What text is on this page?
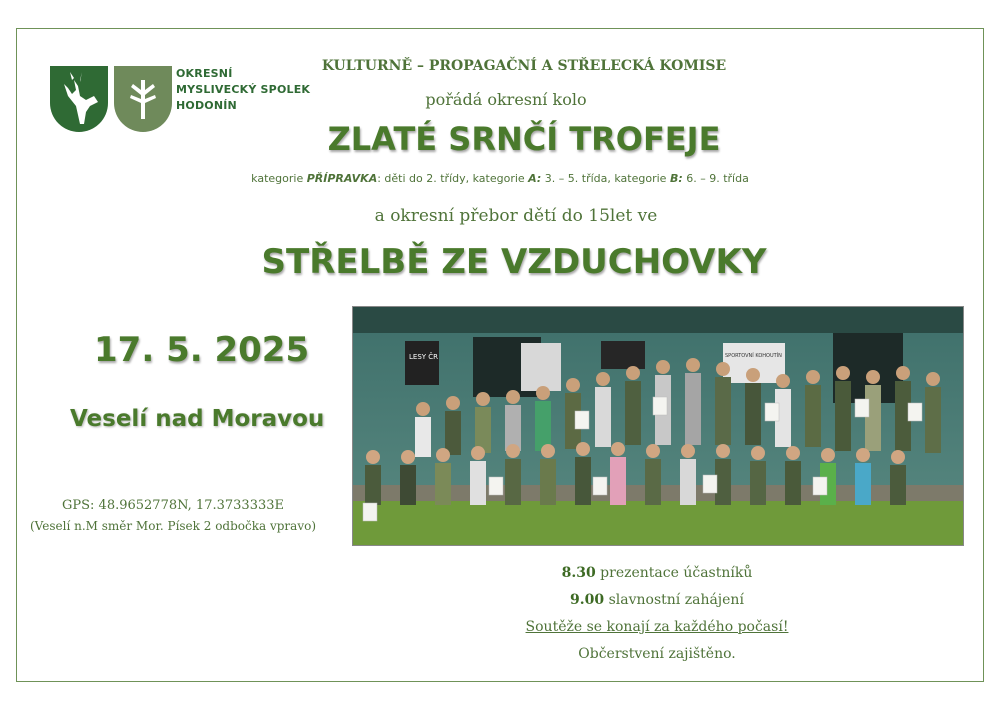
OKRESNÍ
MYSLIVECKÝ SPOLEK
HODONÍN
KULTURNĚ – PROPAGAČNÍ A STŘELECKÁ KOMISE
pořádá okresní kolo
ZLATÉ SRNČÍ TROFEJE
kategorie PŘÍPRAVKA: děti do 2. třídy, kategorie A: 3. – 5. třída, kategorie B: 6. – 9. třída
a okresní přebor dětí do 15let ve
STŘELBĚ ZE VZDUCHOVKY
17. 5. 2025
Veselí nad Moravou
GPS: 48.9652778N, 17.3733333E
(Veselí n.M směr Mor. Písek 2 odbočka vpravo)
LESY ČR	SPORTOVNÍ KOHOUTÍN
8.30 prezentace účastníků
9.00 slavnostní zahájení
Soutěže se konají za každého počasí!
Občerstvení zajištěno.
